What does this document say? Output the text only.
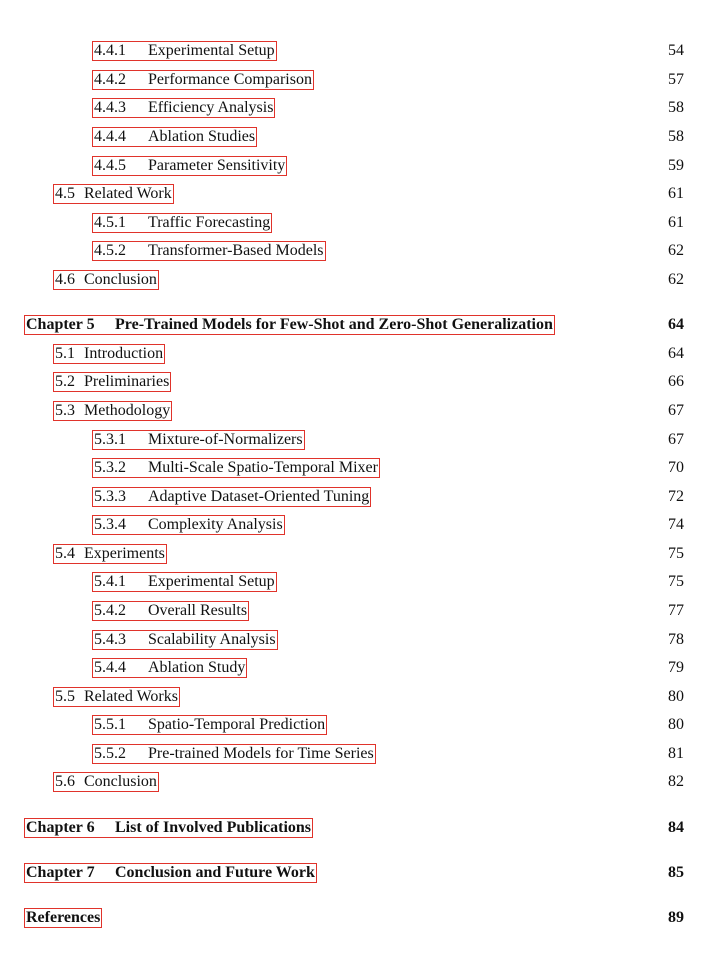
4.4.1 Experimental Setup	54
4.4.2 Performance Comparison	57
4.4.3 Efficiency Analysis	58
4.4.4 Ablation Studies	58
4.4.5 Parameter Sensitivity	59
4.5 Related Work	61
4.5.1 Traffic Forecasting	61
4.5.2 Transformer-Based Models	62
4.6 Conclusion	62
Chapter 5 Pre-Trained Models for Few-Shot and Zero-Shot Generalization	64
5.1 Introduction	64
5.2 Preliminaries	66
5.3 Methodology	67
5.3.1 Mixture-of-Normalizers	67
5.3.2 Multi-Scale Spatio-Temporal Mixer	70
5.3.3 Adaptive Dataset-Oriented Tuning	72
5.3.4 Complexity Analysis	74
5.4 Experiments	75
5.4.1 Experimental Setup	75
5.4.2 Overall Results	77
5.4.3 Scalability Analysis	78
5.4.4 Ablation Study	79
5.5 Related Works	80
5.5.1 Spatio-Temporal Prediction	80
5.5.2 Pre-trained Models for Time Series	81
5.6 Conclusion	82
Chapter 6 List of Involved Publications	84
Chapter 7 Conclusion and Future Work	85
References	89
